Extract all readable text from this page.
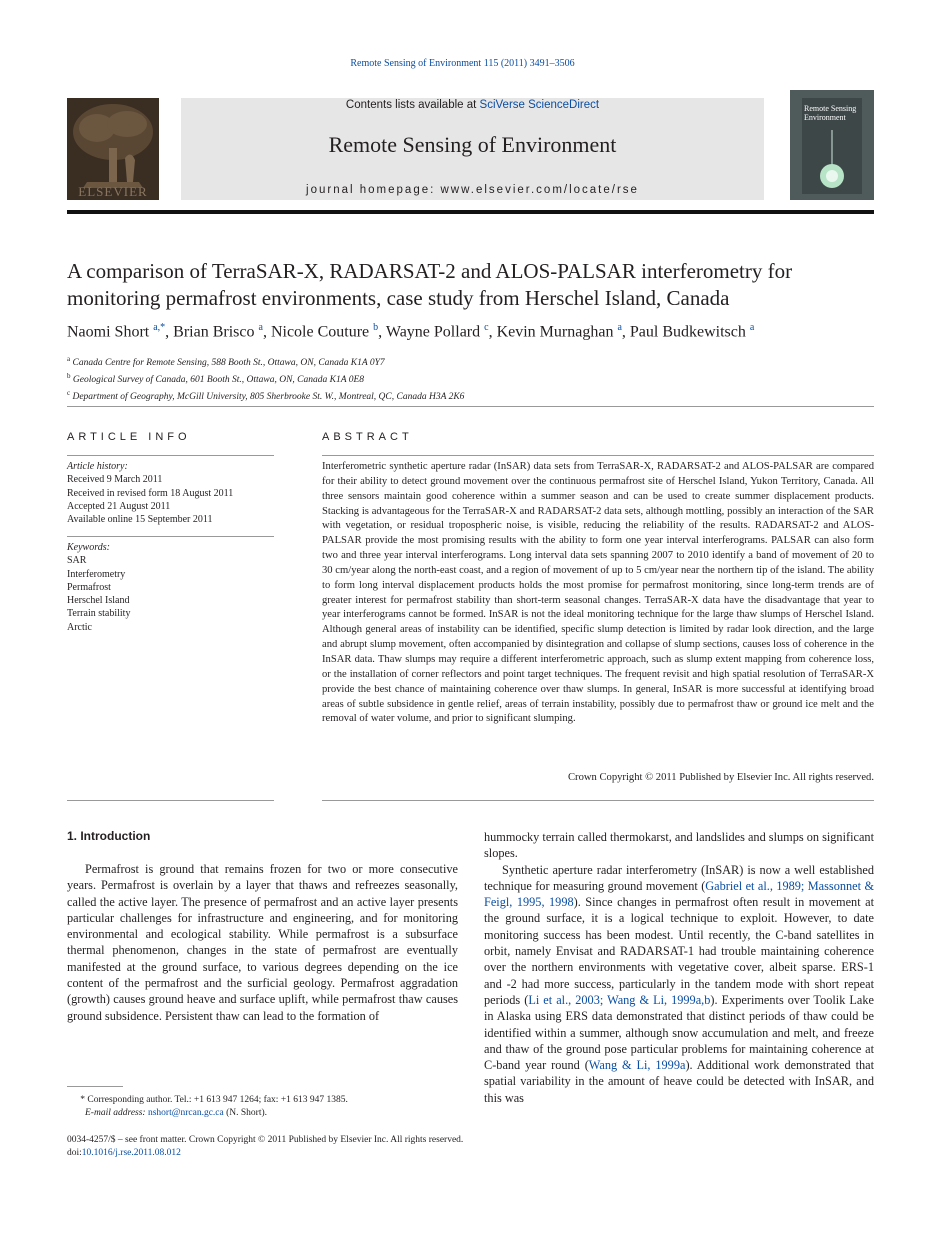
Remote Sensing of Environment 115 (2011) 3491–3506
ELSEVIER
Contents lists available at SciVerse ScienceDirect
Remote Sensing of Environment
journal homepage: www.elsevier.com/locate/rse
Remote Sensing Environment
A comparison of TerraSAR-X, RADARSAT-2 and ALOS-PALSAR interferometry for
monitoring permafrost environments, case study from Herschel Island, Canada
Naomi Short $^{a,*}$, Brian Brisco $^a$, Nicole Couture $^b$, Wayne Pollard $^c$, Kevin Murnaghan $^a$, Paul Budkewitsch $^a$

$^a$ Canada Centre for Remote Sensing, 588 Booth St., Ottawa, ON, Canada K1A 0Y7

$^b$ Geological Survey of Canada, 601 Booth St., Ottawa, ON, Canada K1A 0E8

$^c$ Department of Geography, McGill University, 805 Sherbrooke St. W., Montreal, QC, Canada H3A 2K6

ARTICLE INFO

Article history:

Received 9 March 2011

Received in revised form 18 August 2011

Accepted 21 August 2011

Available online 15 September 2011

Keywords:

SAR

Interferometry

Permafrost

Herschel Island

Terrain stability

Arctic

ABSTRACT
Interferometric synthetic aperture radar (InSAR) data sets from TerraSAR-X, RADARSAT-2 and ALOS-PALSAR are compared for their ability to detect ground movement over the continuous permafrost site of Herschel Island, Yukon Territory, Canada. All three sensors maintain good coherence within a summer season and can be used to create summer displacement products. Stacking is advantageous for the TerraSAR-X and RADARSAT-2 data sets, although mottling, possibly an interaction of the SAR with vegetation, or residual tropospheric noise, is visible, reducing the reliability of the results. RADARSAT-2 and ALOS-PALSAR provide the most promising results with the ability to form one year interval interferograms. PALSAR can also form two and three year interval interferograms. Long interval data sets spanning 2007 to 2010 identify a band of movement of 20 to 30 cm/year along the north-east coast, and a region of movement of up to 5 cm/year near the northern tip of the island. The ability to form long interval displacement products holds the most promise for permafrost monitoring, since long-term trends are of greater interest for permafrost stability than short-term seasonal changes. TerraSAR-X data have the disadvantage that year to year interferograms cannot be formed. InSAR is not the ideal monitoring technique for the large thaw slumps of Herschel Island. Although general areas of instability can be identified, specific slump detection is limited by radar look direction, and the large and abrupt slump movement, often accompanied by disintegration and collapse of slump sections, causes loss of coherence in the InSAR data. Thaw slumps may require a different interferometric approach, such as slump extent mapping from coherence loss, or the installation of corner reflectors and point target techniques. The frequent revisit and high spatial resolution of TerraSAR-X provide the best chance of maintaining coherence over thaw slumps. In general, InSAR is more successful at identifying broad areas of subtle subsidence in gentle relief, areas of terrain instability, possibly due to permafrost thaw or ground ice melt and the removal of water volume, and prior to significant slumping.
Crown Copyright © 2011 Published by Elsevier Inc. All rights reserved.
1. Introduction

Permafrost is ground that remains frozen for two or more consecutive years. Permafrost is overlain by a layer that thaws and refreezes seasonally, called the active layer. The presence of permafrost and an active layer presents particular challenges for infrastructure and engineering, and for monitoring environmental and ecological stability. While permafrost is a subsurface thermal phenomenon, changes in the state of permafrost are eventually manifested at the ground surface, to various degrees depending on the ice content of the permafrost and the surficial geology. Permafrost aggradation (growth) causes ground heave and surface uplift, while permafrost thaw causes ground subsidence. Persistent thaw can lead to the formation of

hummocky terrain called thermokarst, and landslides and slumps on significant slopes.

Synthetic aperture radar interferometry (InSAR) is now a well established technique for measuring ground movement (Gabriel et al., 1989; Massonnet & Feigl, 1995, 1998). Since changes in permafrost often result in movement at the ground surface, it is a logical technique to exploit. However, to date monitoring success has been modest. Until recently, the C-band satellites in orbit, namely Envisat and RADARSAT-1 had trouble maintaining coherence over the northern environments with vegetative cover, albeit sparse. ERS-1 and -2 had more success, particularly in the tandem mode with short repeat periods (Li et al., 2003; Wang & Li, 1999a,b). Experiments over Toolik Lake in Alaska using ERS data demonstrated that distinct periods of thaw could be identified within a summer, although snow accumulation and melt, and freeze and thaw of the ground pose particular problems for maintaining coherence at C-band year round (Wang & Li, 1999a). Additional work demonstrated that spatial variability in the amount of heave could be detected with InSAR, and this was

* Corresponding author. Tel.: +1 613 947 1264; fax: +1 613 947 1385.

E-mail address: nshort@nrcan.gc.ca (N. Short).

0034-4257/$ – see front matter. Crown Copyright © 2011 Published by Elsevier Inc. All rights reserved.

doi:10.1016/j.rse.2011.08.012
